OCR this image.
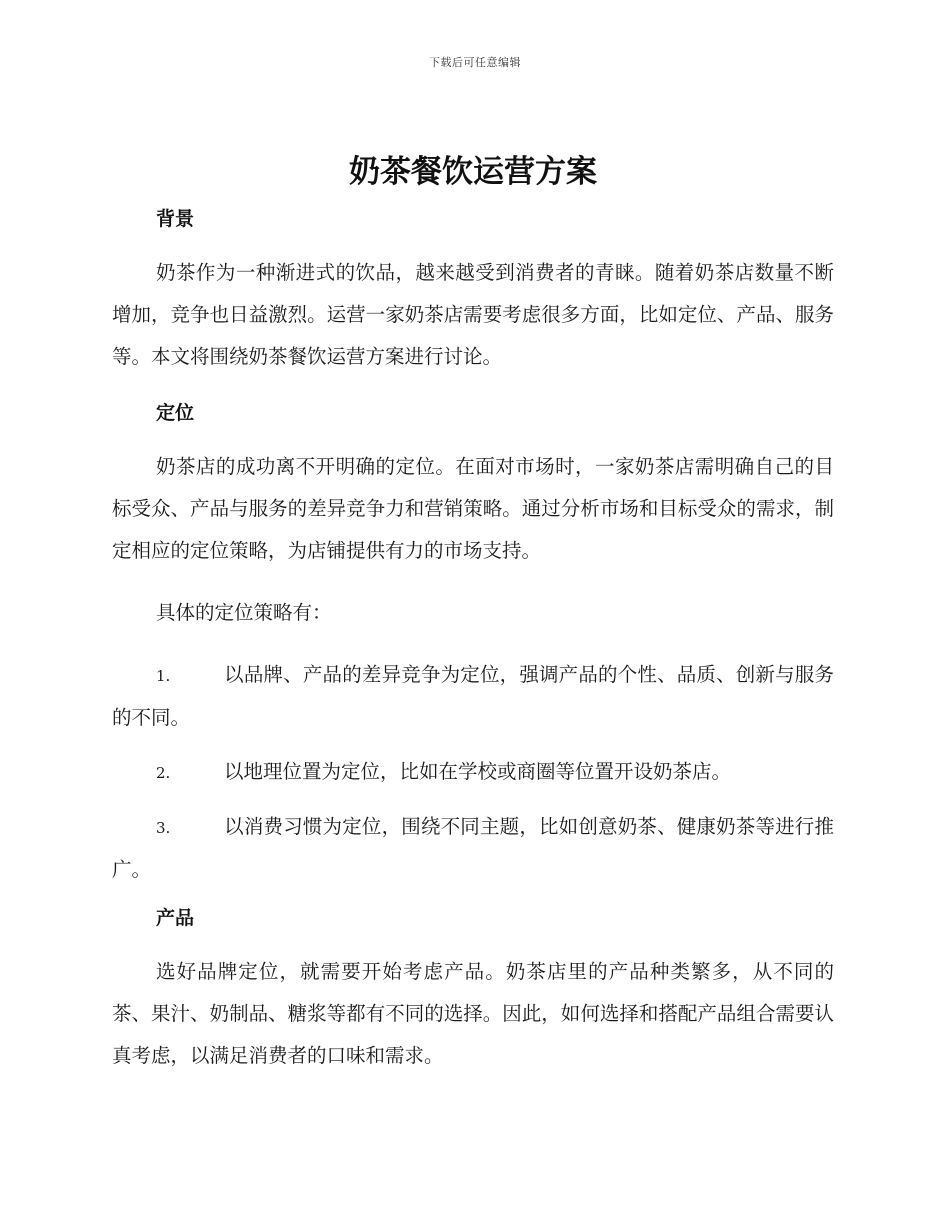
下载后可任意编辑
奶茶餐饮运营方案
背景

奶茶作为一种渐进式的饮品，越来越受到消费者的青睐。随着奶茶店数量不断增加，竞争也日益激烈。运营一家奶茶店需要考虑很多方面，比如定位、产品、服务等。本文将围绕奶茶餐饮运营方案进行讨论。

定位

奶茶店的成功离不开明确的定位。在面对市场时，一家奶茶店需明确自己的目标受众、产品与服务的差异竞争力和营销策略。通过分析市场和目标受众的需求，制定相应的定位策略，为店铺提供有力的市场支持。

具体的定位策略有：

1.	以品牌、产品的差异竞争为定位，强调产品的个性、品质、创新与服务的不同。

2.	以地理位置为定位，比如在学校或商圈等位置开设奶茶店。

3.	以消费习惯为定位，围绕不同主题，比如创意奶茶、健康奶茶等进行推广。

产品

选好品牌定位，就需要开始考虑产品。奶茶店里的产品种类繁多，从不同的茶、果汁、奶制品、糖浆等都有不同的选择。因此，如何选择和搭配产品组合需要认真考虑，以满足消费者的口味和需求。
